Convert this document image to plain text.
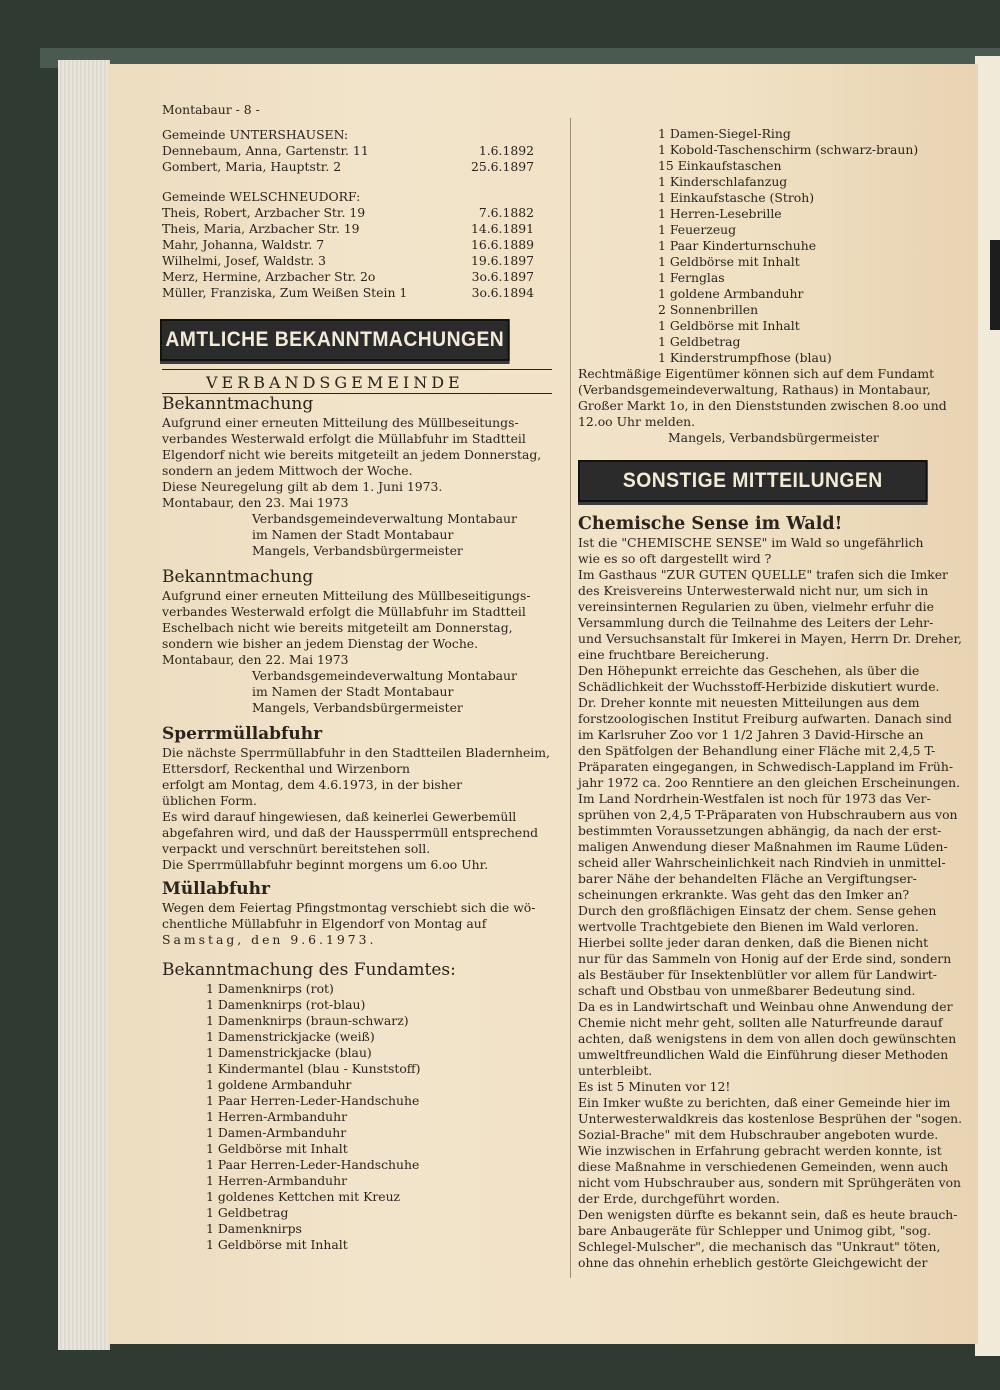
Montabaur - 8 -
Gemeinde UNTERSHAUSEN:
Dennebaum, Anna, Gartenstr. 11	1.6.1892
Gombert, Maria, Hauptstr. 2	25.6.1897
Gemeinde WELSCHNEUDORF:
Theis, Robert, Arzbacher Str. 19	7.6.1882
Theis, Maria, Arzbacher Str. 19	14.6.1891
Mahr, Johanna, Waldstr. 7	16.6.1889
Wilhelmi, Josef, Waldstr. 3	19.6.1897
Merz, Hermine, Arzbacher Str. 2o	3o.6.1897
Müller, Franziska, Zum Weißen Stein 1	3o.6.1894
AMTLICHE BEKANNTMACHUNGEN
VERBANDSGEMEINDE
Bekanntmachung
Aufgrund einer erneuten Mitteilung des Müllbeseitungs-
verbandes Westerwald erfolgt die Müllabfuhr im Stadtteil
Elgendorf nicht wie bereits mitgeteilt an jedem Donnerstag,
sondern an jedem Mittwoch der Woche.
Diese Neuregelung gilt ab dem 1. Juni 1973.
Montabaur, den 23. Mai 1973
Verbandsgemeindeverwaltung Montabaur
im Namen der Stadt Montabaur
Mangels, Verbandsbürgermeister
Bekanntmachung
Aufgrund einer erneuten Mitteilung des Müllbeseitigungs-
verbandes Westerwald erfolgt die Müllabfuhr im Stadtteil
Eschelbach nicht wie bereits mitgeteilt am Donnerstag,
sondern wie bisher an jedem Dienstag der Woche.
Montabaur, den 22. Mai 1973
Verbandsgemeindeverwaltung Montabaur
im Namen der Stadt Montabaur
Mangels, Verbandsbürgermeister
Sperrmüllabfuhr
Die nächste Sperrmüllabfuhr in den Stadtteilen Bladernheim,
Ettersdorf, Reckenthal und Wirzenborn
erfolgt am Montag, dem 4.6.1973, in der bisher
üblichen Form.
Es wird darauf hingewiesen, daß keinerlei Gewerbemüll
abgefahren wird, und daß der Haussperrmüll entsprechend
verpackt und verschnürt bereitstehen soll.
Die Sperrmüllabfuhr beginnt morgens um 6.oo Uhr.
Müllabfuhr
Wegen dem Feiertag Pfingstmontag verschiebt sich die wö-
chentliche Müllabfuhr in Elgendorf von Montag auf
Samstag, den 9.6.1973.
Bekanntmachung des Fundamtes:
1 Damenknirps (rot)
1 Damenknirps (rot-blau)
1 Damenknirps (braun-schwarz)
1 Damenstrickjacke (weiß)
1 Damenstrickjacke (blau)
1 Kindermantel (blau - Kunststoff)
1 goldene Armbanduhr
1 Paar Herren-Leder-Handschuhe
1 Herren-Armbanduhr
1 Damen-Armbanduhr
1 Geldbörse mit Inhalt
1 Paar Herren-Leder-Handschuhe
1 Herren-Armbanduhr
1 goldenes Kettchen mit Kreuz
1 Geldbetrag
1 Damenknirps
1 Geldbörse mit Inhalt
1 Damen-Siegel-Ring
1 Kobold-Taschenschirm (schwarz-braun)
15 Einkaufstaschen
1 Kinderschlafanzug
1 Einkaufstasche (Stroh)
1 Herren-Lesebrille
1 Feuerzeug
1 Paar Kinderturnschuhe
1 Geldbörse mit Inhalt
1 Fernglas
1 goldene Armbanduhr
2 Sonnenbrillen
1 Geldbörse mit Inhalt
1 Geldbetrag
1 Kinderstrumpfhose (blau)
Rechtmäßige Eigentümer können sich auf dem Fundamt
(Verbandsgemeindeverwaltung, Rathaus) in Montabaur,
Großer Markt 1o, in den Dienststunden zwischen 8.oo und
12.oo Uhr melden.
Mangels, Verbandsbürgermeister
SONSTIGE MITTEILUNGEN
Chemische Sense im Wald!
Ist die "CHEMISCHE SENSE" im Wald so ungefährlich
wie es so oft dargestellt wird ?
Im Gasthaus "ZUR GUTEN QUELLE" trafen sich die Imker
des Kreisvereins Unterwesterwald nicht nur, um sich in
vereinsinternen Regularien zu üben, vielmehr erfuhr die
Versammlung durch die Teilnahme des Leiters der Lehr-
und Versuchsanstalt für Imkerei in Mayen, Herrn Dr. Dreher,
eine fruchtbare Bereicherung.
Den Höhepunkt erreichte das Geschehen, als über die
Schädlichkeit der Wuchsstoff-Herbizide diskutiert wurde.
Dr. Dreher konnte mit neuesten Mitteilungen aus dem
forstzoologischen Institut Freiburg aufwarten. Danach sind
im Karlsruher Zoo vor 1 1/2 Jahren 3 David-Hirsche an
den Spätfolgen der Behandlung einer Fläche mit 2,4,5 T-
Präparaten eingegangen, in Schwedisch-Lappland im Früh-
jahr 1972 ca. 2oo Renntiere an den gleichen Erscheinungen.
Im Land Nordrhein-Westfalen ist noch für 1973 das Ver-
sprühen von 2,4,5 T-Präparaten von Hubschraubern aus von
bestimmten Voraussetzungen abhängig, da nach der erst-
maligen Anwendung dieser Maßnahmen im Raume Lüden-
scheid aller Wahrscheinlichkeit nach Rindvieh in unmittel-
barer Nähe der behandelten Fläche an Vergiftungser-
scheinungen erkrankte. Was geht das den Imker an?
Durch den großflächigen Einsatz der chem. Sense gehen
wertvolle Trachtgebiete den Bienen im Wald verloren.
Hierbei sollte jeder daran denken, daß die Bienen nicht
nur für das Sammeln von Honig auf der Erde sind, sondern
als Bestäuber für Insektenblütler vor allem für Landwirt-
schaft und Obstbau von unmeßbarer Bedeutung sind.
Da es in Landwirtschaft und Weinbau ohne Anwendung der
Chemie nicht mehr geht, sollten alle Naturfreunde darauf
achten, daß wenigstens in dem von allen doch gewünschten
umweltfreundlichen Wald die Einführung dieser Methoden
unterbleibt.
Es ist 5 Minuten vor 12!
Ein Imker wußte zu berichten, daß einer Gemeinde hier im
Unterwesterwaldkreis das kostenlose Besprühen der "sogen.
Sozial-Brache" mit dem Hubschrauber angeboten wurde.
Wie inzwischen in Erfahrung gebracht werden konnte, ist
diese Maßnahme in verschiedenen Gemeinden, wenn auch
nicht vom Hubschrauber aus, sondern mit Sprühgeräten von
der Erde, durchgeführt worden.
Den wenigsten dürfte es bekannt sein, daß es heute brauch-
bare Anbaugeräte für Schlepper und Unimog gibt, "sog.
Schlegel-Mulscher", die mechanisch das "Unkraut" töten,
ohne das ohnehin erheblich gestörte Gleichgewicht der
